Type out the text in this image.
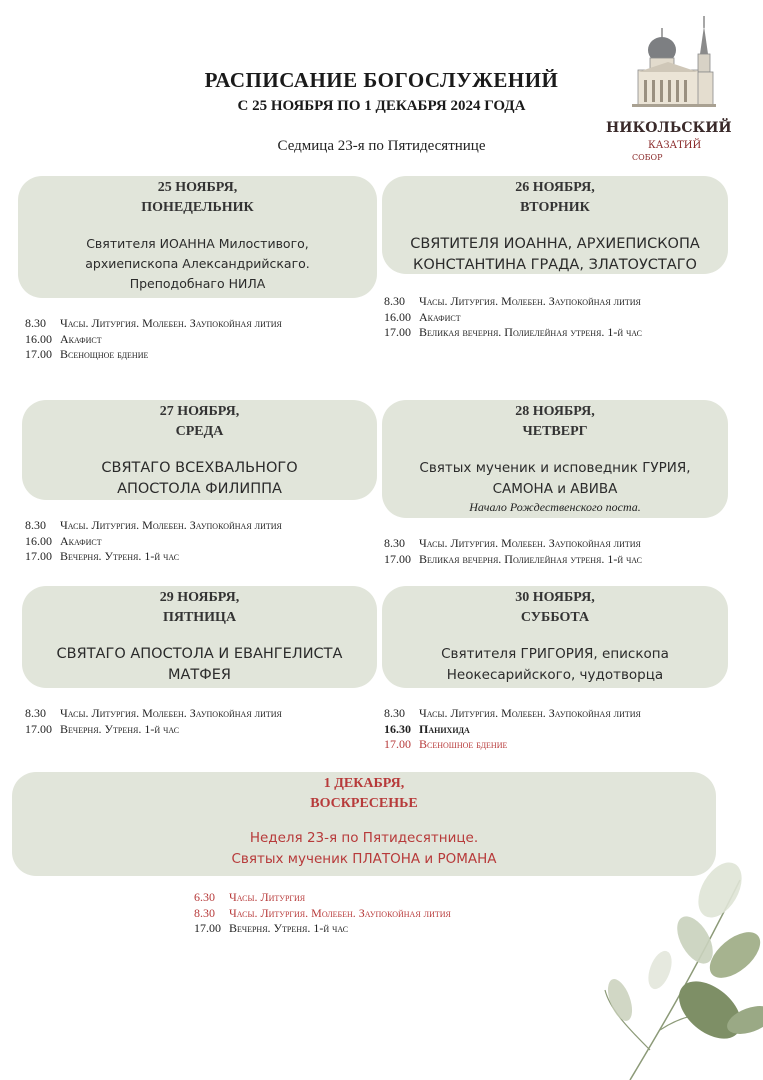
РАСПИСАНИЕ БОГОСЛУЖЕНИЙ
С 25 НОЯБРЯ ПО 1 ДЕКАБРЯ 2024 ГОДА
Седмица 23-я по Пятидесятнице
НИКОЛЬСКИЙ
КАЗАТИЙ
СОБОР
25 НОЯБРЯ,
ПОНЕДЕЛЬНИК
Святителя ИОАННА Милостивого, архиепископа Александрийскаго. Преподобнаго НИЛА
8.30 Часы. Литургия. Молебен. Заупокойная лития
16.00 Акафист
17.00 Всенощное бдение
26 НОЯБРЯ,
ВТОРНИК
СВЯТИТЕЛЯ ИОАННА, АРХИЕПИСКОПА КОНСТАНТИНА ГРАДА, ЗЛАТОУСТАГО
8.30 Часы. Литургия. Молебен. Заупокойная лития
16.00 Акафист
17.00 Великая вечерня. Полиелейная утреня. 1-й час
27 НОЯБРЯ,
СРЕДА
СВЯТАГО ВСЕХВАЛЬНОГО АПОСТОЛА ФИЛИППА
8.30 Часы. Литургия. Молебен. Заупокойная лития
16.00 Акафист
17.00 Вечерня. Утреня. 1-й час
28 НОЯБРЯ,
ЧЕТВЕРГ
Святых мученик и исповедник ГУРИЯ, САМОНА и АВИВА
Начало Рождественского поста.
8.30 Часы. Литургия. Молебен. Заупокойная лития
17.00 Великая вечерня. Полиелейная утреня. 1-й час
29 НОЯБРЯ,
ПЯТНИЦА
СВЯТАГО АПОСТОЛА И ЕВАНГЕЛИСТА МАТФЕЯ
8.30 Часы. Литургия. Молебен. Заупокойная лития
17.00 Вечерня. Утреня. 1-й час
30 НОЯБРЯ,
СУББОТА
Святителя ГРИГОРИЯ, епископа Неокесарийского, чудотворца
8.30 Часы. Литургия. Молебен. Заупокойная лития
16.30 Панихида
17.00 Всеношное бдение
1 ДЕКАБРЯ,
ВОСКРЕСЕНЬЕ
Неделя 23-я по Пятидесятнице.
Святых мученик ПЛАТОНА и РОМАНА
6.30 Часы. Литургия
8.30 Часы. Литургия. Молебен. Заупокойная лития
17.00 Вечерня. Утреня. 1-й час
